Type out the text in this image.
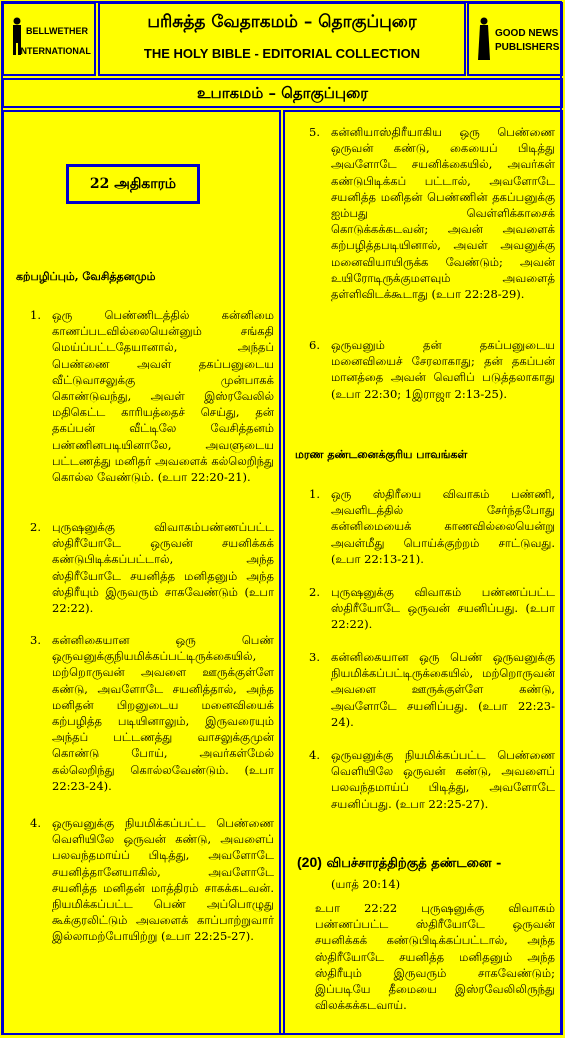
BELLWETHER
INTERNATIONAL
பரிசுத்த வேதாகமம் – தொகுப்புரை
THE HOLY BIBLE - EDITORIAL COLLECTION
GOOD NEWS
PUBLISHERS
உபாகமம் – தொகுப்புரை
22 அதிகாரம்
கற்பழிப்பும், வேசித்தனமும்
1. ஒரு பெண்ணிடத்தில் கன்னிமை காணப்படவில்லையென்னும் சங்கதி மெய்ப்பட்டதேயானால், அந்தப் பெண்ணை அவள் தகப்பனுடைய வீட்டுவாசலுக்கு முன்பாகக் கொண்டுவந்து, அவள் இஸ்ரவேலில் மதிகெட்ட காரியத்தைச் செய்து, தன் தகப்பன் வீட்டிலே வேசித்தனம் பண்ணினபடியினாலே, அவளுடைய பட்டணத்து மனிதர் அவளைக் கல்லெறிந்து கொல்ல வேண்டும். (உபா 22:20-21).
2. புருஷனுக்கு விவாகம்பண்ணப்பட்ட ஸ்திரீயோடே ஒருவன் சயனிக்கக் கண்டுபிடிக்கப்பட்டால், அந்த ஸ்திரீயோடே சயனித்த மனிதனும் அந்த ஸ்திரீயும் இருவரும் சாகவேண்டும் (உபா 22:22).
3. கன்னிகையான ஒரு பெண் ஒருவனுக்குநியமிக்கப்பட்டிருக்கையில், மற்றொருவன் அவளை ஊருக்குள்ளே கண்டு, அவளோடே சயனித்தால், அந்த மனிதன் பிறனுடைய மனைவியைக் கற்பழித்த படியினாலும், இருவரையும் அந்தப் பட்டணத்து வாசலுக்குமுன் கொண்டு போய், அவர்கள்மேல் கல்லெறிந்து கொல்லவேண்டும். (உபா 22:23-24).
4. ஒருவனுக்கு நியமிக்கப்பட்ட பெண்ணை வெளியிலே ஒருவன் கண்டு, அவளைப் பலவந்தமாய்ப் பிடித்து, அவளோடே சயனித்தானேயாகில், அவளோடே சயனித்த மனிதன் மாத்திரம் சாகக்கடவன். நியமிக்கப்பட்ட பெண் அப்பொழுது கூக்குரலிட்டும் அவளைக் காப்பாற்றுவார் இல்லாமற்போயிற்று (உபா 22:25-27).
5. கன்னியாஸ்திரீயாகிய ஒரு பெண்ணை ஒருவன் கண்டு, கையைப் பிடித்து அவளோடே சயனிக்கையில், அவர்கள் கண்டுபிடிக்கப் பட்டால், அவளோடே சயனித்த மனிதன் பெண்ணின் தகப்பனுக்கு ஐம்பது வெள்ளிக்காசைக் கொடுக்கக்கடவன்; அவன் அவளைக் கற்பழித்தபடியினால், அவள் அவனுக்கு மனைவியாயிருக்க வேண்டும்; அவன் உயிரோடிருக்குமளவும் அவளைத் தள்ளிவிடக்கூடாது (உபா 22:28-29).
6. ஒருவனும் தன் தகப்பனுடைய மனைவியைச் சேரலாகாது; தன் தகப்பன் மானத்தை அவன் வெளிப் படுத்தலாகாது (உபா 22:30; 1இராஜா 2:13-25).
மரண தண்டனைக்குரிய பாவங்கள்
1. ஒரு ஸ்திரீயை விவாகம் பண்ணி, அவளிடத்தில் சேர்ந்தபோது கன்னிமையைக் காணவில்லையென்று அவள்மீது பொய்க்குற்றம் சாட்டுவது. (உபா 22:13-21).
2. புருஷனுக்கு விவாகம் பண்ணப்பட்ட ஸ்திரீயோடே ஒருவன் சயனிப்பது. (உபா 22:22).
3. கன்னிகையான ஒரு பெண் ஒருவனுக்கு நியமிக்கப்பட்டிருக்கையில், மற்றொருவன் அவளை ஊருக்குள்ளே கண்டு, அவளோடே சயனிப்பது. (உபா 22:23-24).
4. ஒருவனுக்கு நியமிக்கப்பட்ட பெண்ணை வெளியிலே ஒருவன் கண்டு, அவளைப் பலவந்தமாய்ப் பிடித்து, அவளோடே சயனிப்பது. (உபா 22:25-27).
(20) விபச்சாரத்திற்குத் தண்டனை -
(யாத் 20:14)
உபா 22:22 புருஷனுக்கு விவாகம் பண்ணப்பட்ட ஸ்திரீயோடே ஒருவன் சயனிக்கக் கண்டுபிடிக்கப்பட்டால், அந்த ஸ்திரீயோடே சயனித்த மனிதனும் அந்த ஸ்திரீயும் இருவரும் சாகவேண்டும்; இப்படியே தீமையை இஸ்ரவேலிலிருந்து விலக்கக்கடவாய்.
